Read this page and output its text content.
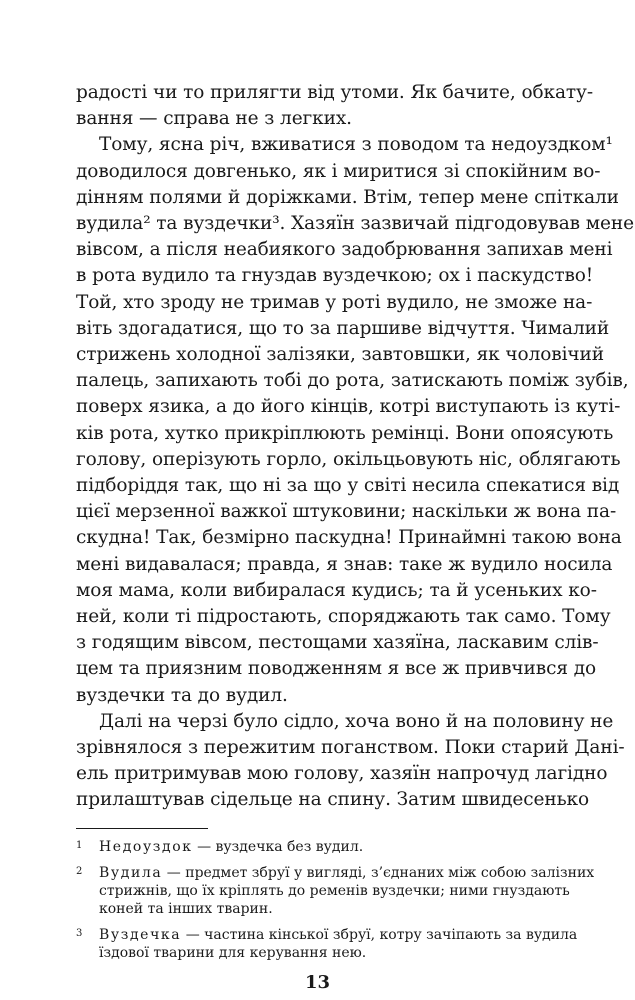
радості чи то прилягти від утоми. Як бачите, обкату-
вання — справа не з легких.
Тому, ясна річ, вживатися з поводом та недоуздком¹
доводилося довгенько, як і миритися зі спокійним во-
дінням полями й доріжками. Втім, тепер мене спіткали
вудила² та вуздечки³. Хазяїн зазвичай підгодовував мене
вівсом, а після неабиякого задобрювання запихав мені
в рота вудило та гнуздав вуздечкою; ох і паскудство!
Той, хто зроду не тримав у роті вудило, не зможе на-
віть здогадатися, що то за паршиве відчуття. Чималий
стрижень холодної залізяки, завтовшки, як чоловічий
палець, запихають тобі до рота, затискають поміж зубів,
поверх язика, а до його кінців, котрі виступають із куті-
ків рота, хутко прикріплюють ремінці. Вони опоясують
голову, оперізують горло, окільцьовують ніс, облягають
підборіддя так, що ні за що у світі несила спекатися від
цієї мерзенної важкої штуковини; наскільки ж вона па-
скудна! Так, безмірно паскудна! Принаймні такою вона
мені видавалася; правда, я знав: таке ж вудило носила
моя мама, коли вибиралася кудись; та й усеньких ко-
ней, коли ті підростають, споряджають так само. Тому
з годящим вівсом, пестощами хазяїна, ласкавим слів-
цем та приязним поводженням я все ж привчився до
вуздечки та до вудил.
Далі на черзі було сідло, хоча воно й на половину не
зрівнялося з пережитим поганством. Поки старий Дані-
ель притримував мою голову, хазяїн напрочуд лагідно
прилаштував сідельце на спину. Затим швидесенько
1 Недоуздок — вуздечка без вудил.
2 Вудила — предмет збруї у вигляді, з’єднаних між собою залізних
стрижнів, що їх кріплять до ременів вуздечки; ними гнуздають
коней та інших тварин.
3 Вуздечка — частина кінської збруї, котру зачіпають за вудила
їздової тварини для керування нею.
13
